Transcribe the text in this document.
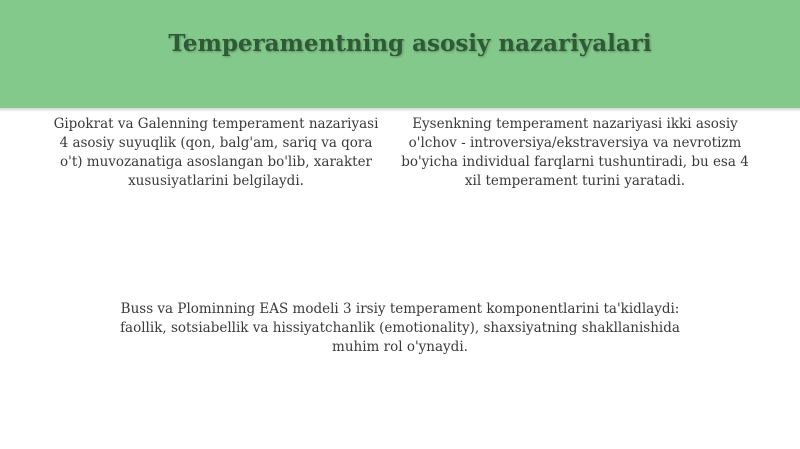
Temperamentning asosiy nazariyalari

Gipokrat va Galenning temperament nazariyasi 4 asosiy suyuqlik (qon, balg'am, sariq va qora o't) muvozanatiga asoslangan bo'lib, xarakter xususiyatlarini belgilaydi.

Eysenkning temperament nazariyasi ikki asosiy o'lchov - introversiya/ekstraversiya va nevrotizm bo'yicha individual farqlarni tushuntiradi, bu esa 4 xil temperament turini yaratadi.

Buss va Plominning EAS modeli 3 irsiy temperament komponentlarini ta'kidlaydi: faollik, sotsiabellik va hissiyatchanlik (emotionality), shaxsiyatning shakllanishida muhim rol o'ynaydi.
